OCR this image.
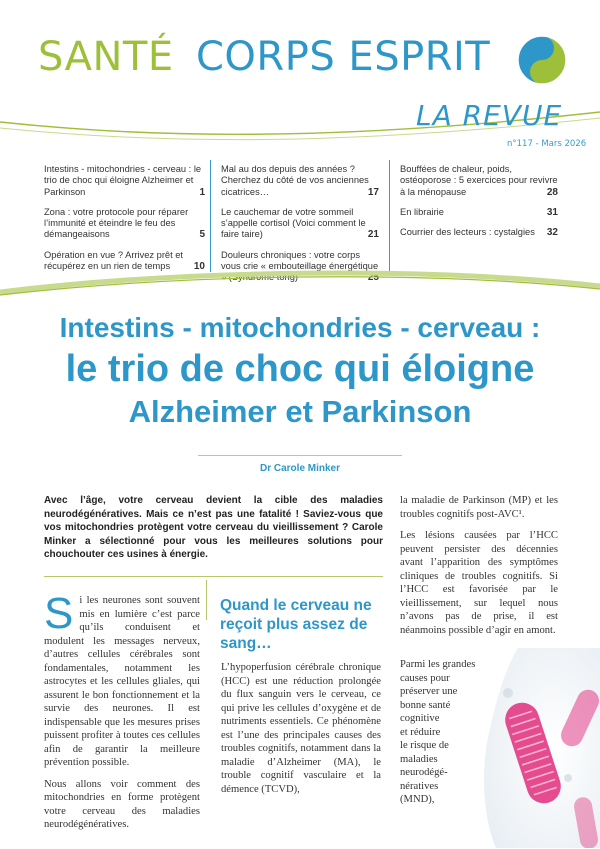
SANTÉ CORPS ESPRIT
LA REVUE
n°117 - Mars 2026
Intestins - mitochondries - cerveau : le trio de choc qui éloigne Alzheimer et Parkinson	1
Zona : votre protocole pour réparer l’immunité et éteindre le feu des démangeaisons	5
Opération en vue ? Arrivez prêt et récupérez en un rien de temps 10
Mal au dos depuis des années ? Cherchez du côté de vos anciennes cicatrices…	17
Le cauchemar de votre sommeil s’appelle cortisol (Voici comment le faire taire)	21
Douleurs chroniques : votre corps vous crie « embouteillage énergétique » (Syndrome tong)	25
Bouffées de chaleur, poids, ostéoporose : 5 exercices pour revivre à la ménopause	28
En librairie	31
Courrier des lecteurs : cystalgies 32
Intestins - mitochondries - cerveau :
le trio de choc qui éloigne
Alzheimer et Parkinson
Dr Carole Minker
Avec l’âge, votre cerveau devient la cible des maladies neurodégénératives. Mais ce n’est pas une fatalité ! Saviez-vous que vos mitochondries protègent votre cerveau du vieillissement ? Carole Minker a sélectionné pour vous les meilleures solutions pour chouchouter ces usines à énergie.

Si les neurones sont souvent mis en lumière c’est parce qu’ils conduisent et modulent les messages nerveux, d’autres cellules cérébrales sont fondamentales, notamment les astrocytes et les cellules gliales, qui assurent le bon fonctionnement et la survie des neurones. Il est indispensable que les mesures prises puissent profiter à toutes ces cellules afin de garantir la meilleure prévention possible.

Nous allons voir comment des mitochondries en forme protègent votre cerveau des maladies neurodégénératives.

Quand le cerveau ne reçoit plus assez de sang…

L’hypoperfusion cérébrale chronique (HCC) est une réduction prolongée du flux sanguin vers le cerveau, ce qui prive les cellules d’oxygène et de nutriments essentiels. Ce phénomène est l’une des principales causes des troubles cognitifs, notamment dans la maladie d’Alzheimer (MA), le trouble cognitif vasculaire et la démence (TCVD),

la maladie de Parkinson (MP) et les troubles cognitifs post-AVC¹.

Les lésions causées par l’HCC peuvent persister des décennies avant l’apparition des symptômes cliniques de troubles cognitifs. Si l’HCC est favorisée par le vieillissement, sur lequel nous n’avons pas de prise, il est néanmoins possible d’agir en amont.

Parmi les grandes
causes pour
préserver une
bonne santé
cognitive
et réduire
le risque de
maladies
neurodégé-
nératives
(MND),
